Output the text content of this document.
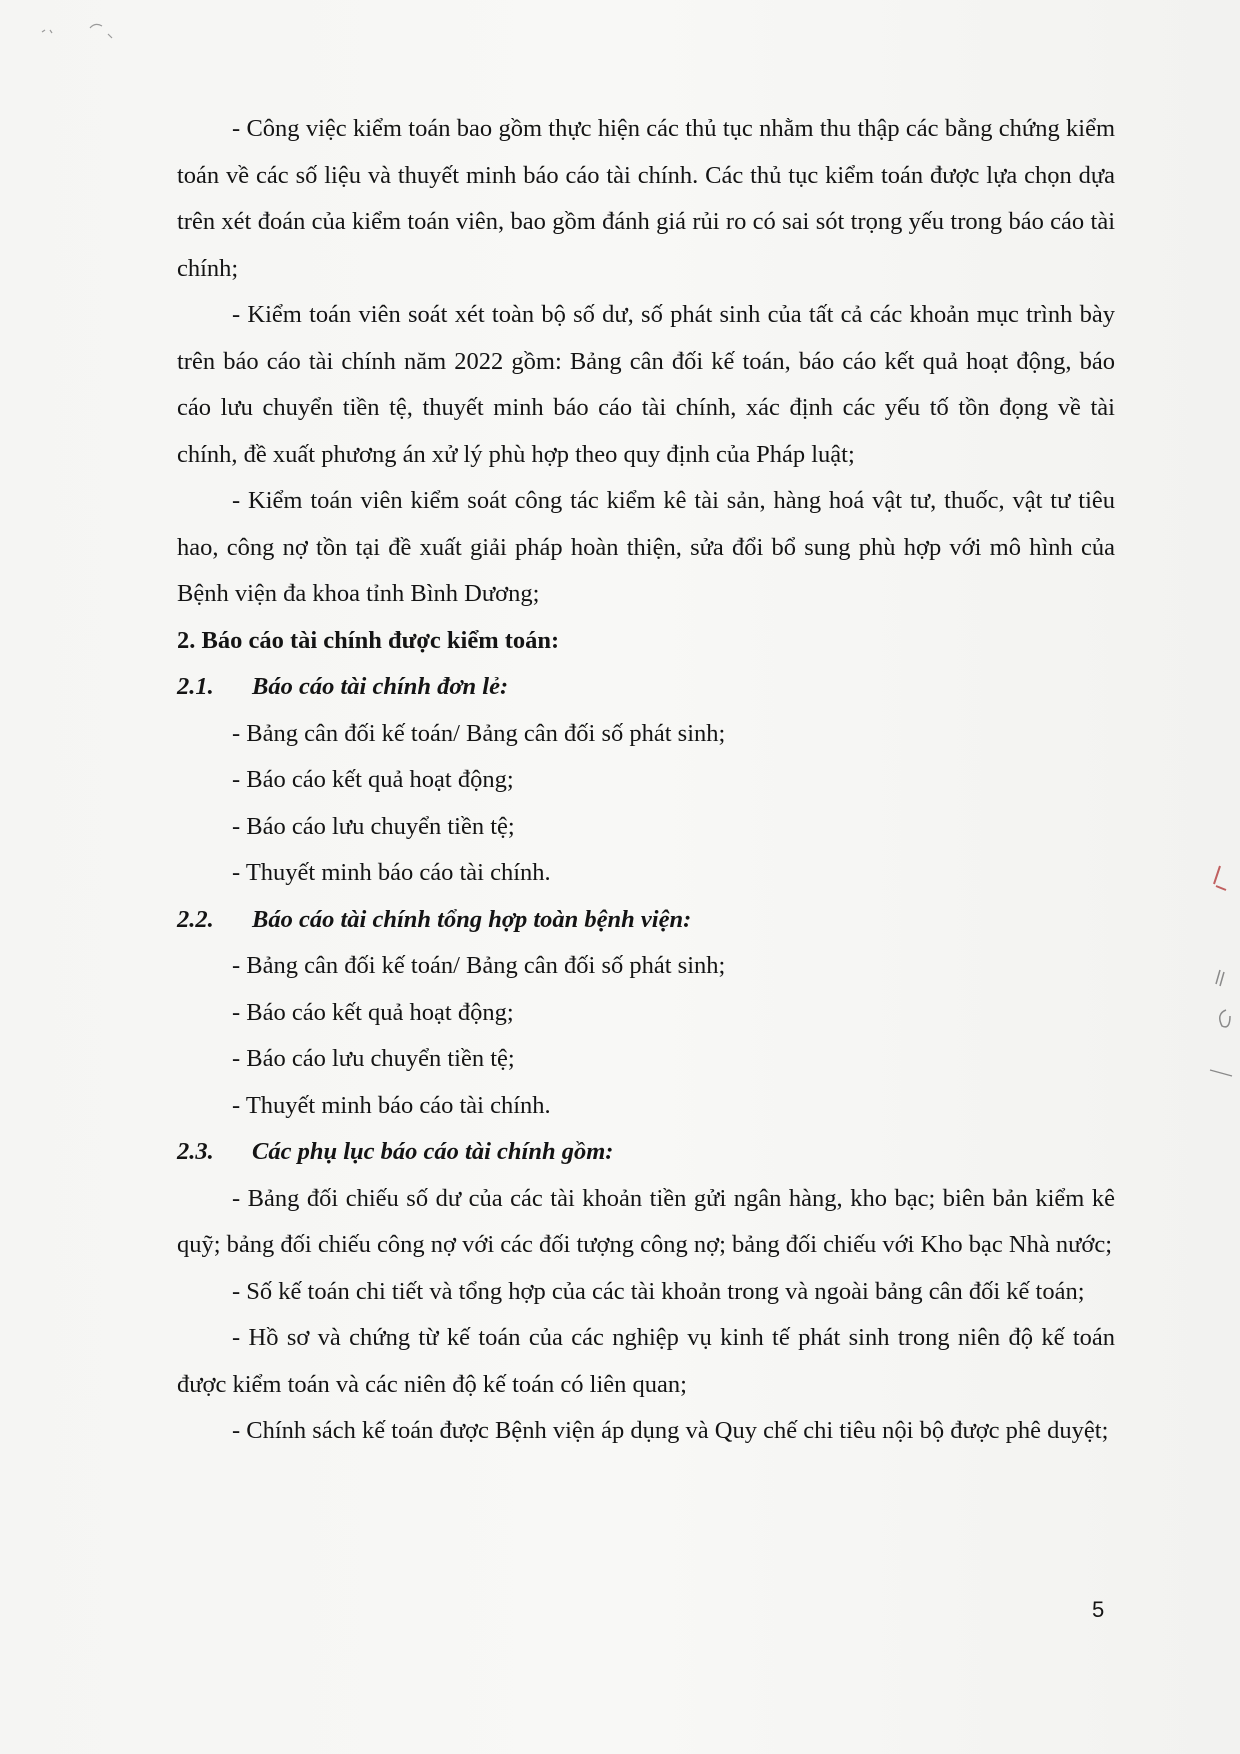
- Công việc kiểm toán bao gồm thực hiện các thủ tục nhằm thu thập các bằng chứng kiểm toán về các số liệu và thuyết minh báo cáo tài chính. Các thủ tục kiểm toán được lựa chọn dựa trên xét đoán của kiểm toán viên, bao gồm đánh giá rủi ro có sai sót trọng yếu trong báo cáo tài chính;

- Kiểm toán viên soát xét toàn bộ số dư, số phát sinh của tất cả các khoản mục trình bày trên báo cáo tài chính năm 2022 gồm: Bảng cân đối kế toán, báo cáo kết quả hoạt động, báo cáo lưu chuyển tiền tệ, thuyết minh báo cáo tài chính, xác định các yếu tố tồn đọng về tài chính, đề xuất phương án xử lý phù hợp theo quy định của Pháp luật;

- Kiểm toán viên kiểm soát công tác kiểm kê tài sản, hàng hoá vật tư, thuốc, vật tư tiêu hao, công nợ tồn tại đề xuất giải pháp hoàn thiện, sửa đổi bổ sung phù hợp với mô hình của Bệnh viện đa khoa tỉnh Bình Dương;

2. Báo cáo tài chính được kiểm toán:

2.1. Báo cáo tài chính đơn lẻ:

- Bảng cân đối kế toán/ Bảng cân đối số phát sinh;

- Báo cáo kết quả hoạt động;

- Báo cáo lưu chuyển tiền tệ;

- Thuyết minh báo cáo tài chính.

2.2. Báo cáo tài chính tổng hợp toàn bệnh viện:

- Bảng cân đối kế toán/ Bảng cân đối số phát sinh;

- Báo cáo kết quả hoạt động;

- Báo cáo lưu chuyển tiền tệ;

- Thuyết minh báo cáo tài chính.

2.3. Các phụ lục báo cáo tài chính gồm:

- Bảng đối chiếu số dư của các tài khoản tiền gửi ngân hàng, kho bạc; biên bản kiểm kê quỹ; bảng đối chiếu công nợ với các đối tượng công nợ; bảng đối chiếu với Kho bạc Nhà nước;

- Số kế toán chi tiết và tổng hợp của các tài khoản trong và ngoài bảng cân đối kế toán;

- Hồ sơ và chứng từ kế toán của các nghiệp vụ kinh tế phát sinh trong niên độ kế toán được kiểm toán và các niên độ kế toán có liên quan;

- Chính sách kế toán được Bệnh viện áp dụng và Quy chế chi tiêu nội bộ được phê duyệt;

5
